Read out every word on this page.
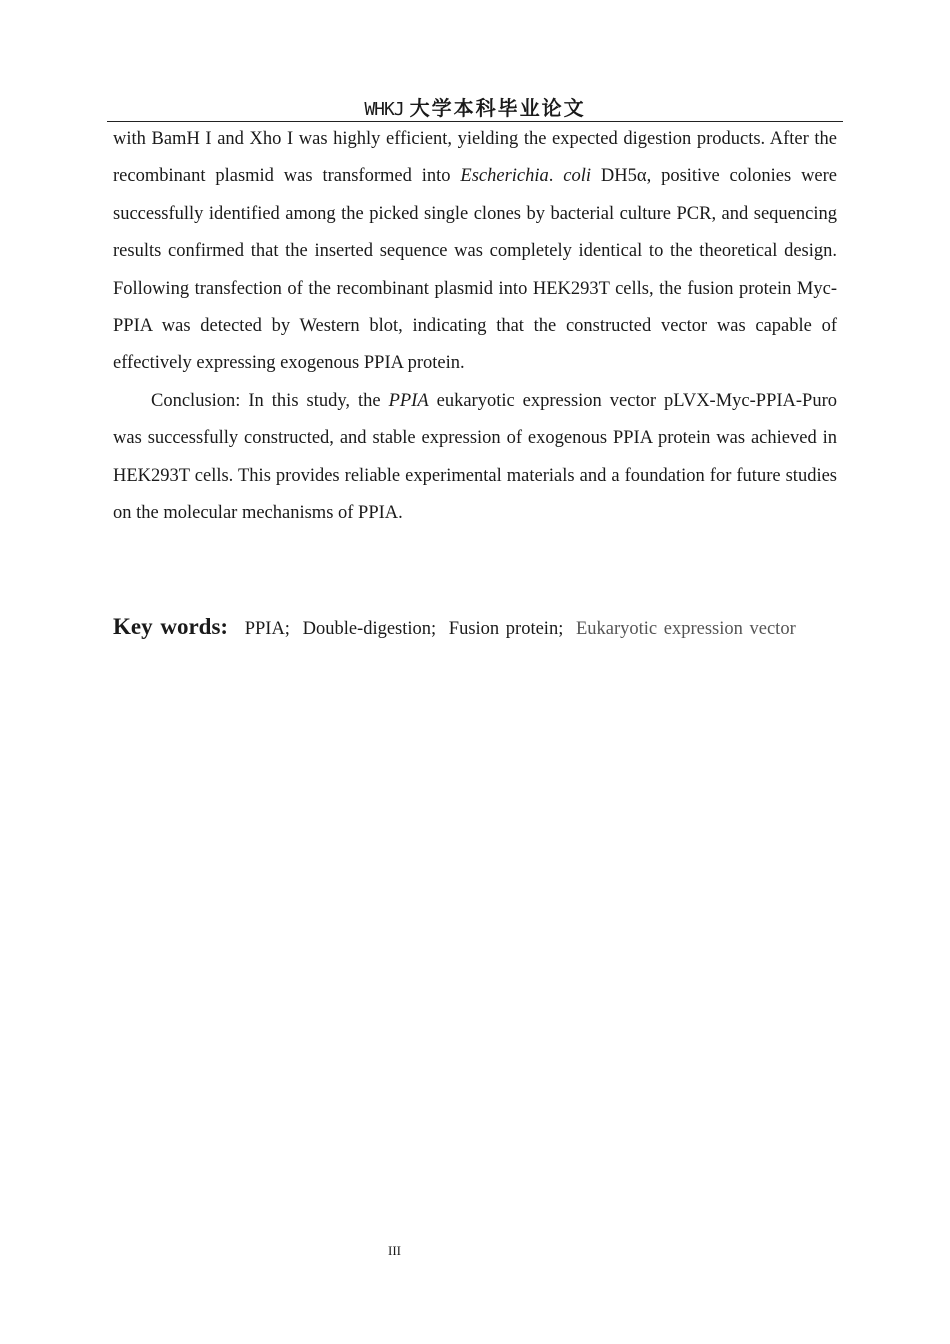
WHKJ 大学本科毕业论文

with BamH I and Xho I was highly efficient, yielding the expected digestion products. After the recombinant plasmid was transformed into Escherichia. coli DH5α, positive colonies were successfully identified among the picked single clones by bacterial culture PCR, and sequencing results confirmed that the inserted sequence was completely identical to the theoretical design. Following transfection of the recombinant plasmid into HEK293T cells, the fusion protein Myc-PPIA was detected by Western blot, indicating that the constructed vector was capable of effectively expressing exogenous PPIA protein.

Conclusion: In this study, the PPIA eukaryotic expression vector pLVX-Myc-PPIA-Puro was successfully constructed, and stable expression of exogenous PPIA protein was achieved in HEK293T cells. This provides reliable experimental materials and a foundation for future studies on the molecular mechanisms of PPIA.

Key words: PPIA; Double-digestion; Fusion protein; Eukaryotic expression vector
III
